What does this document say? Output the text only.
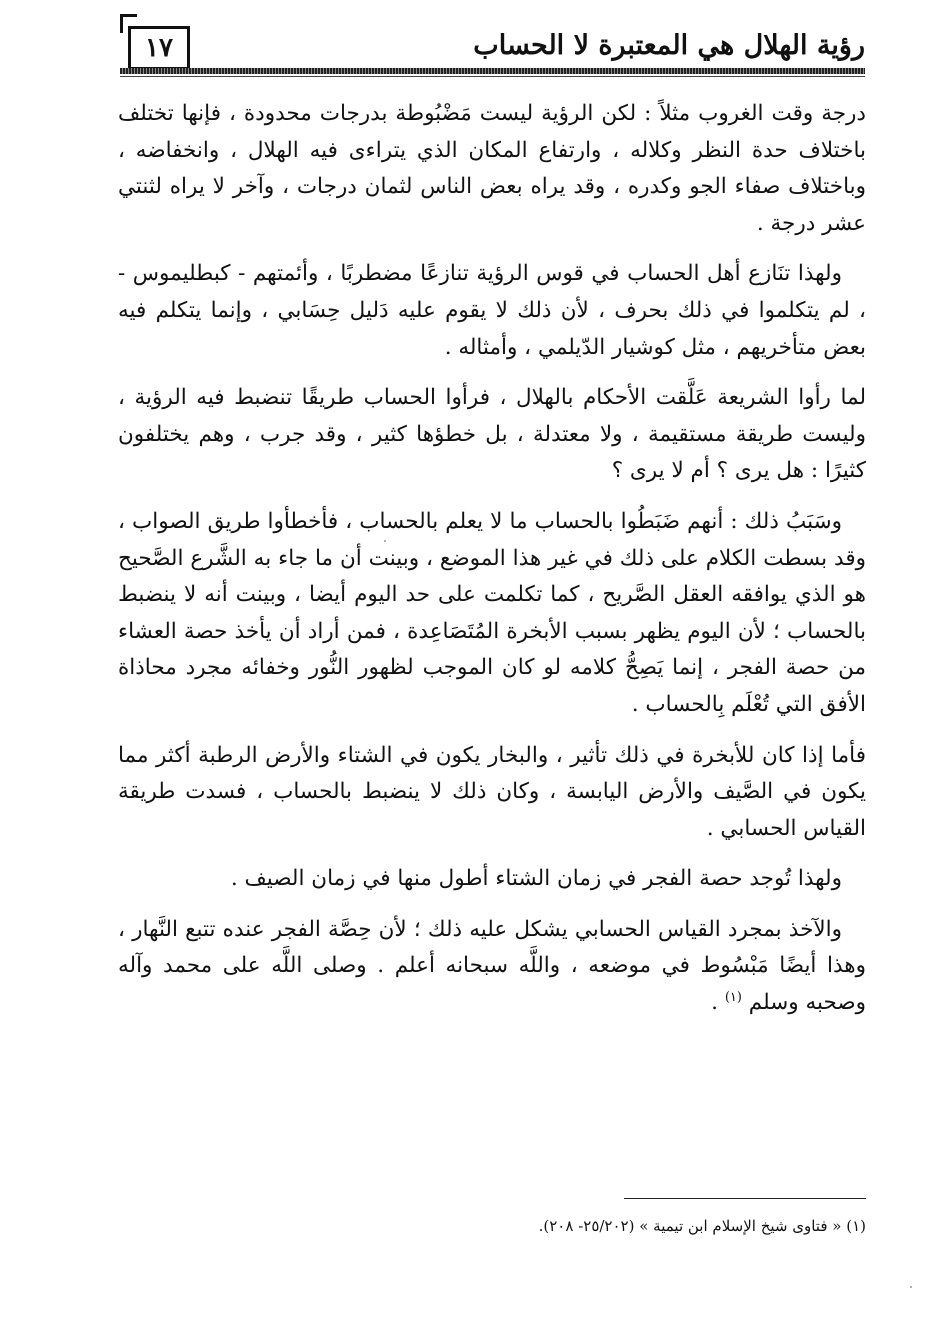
١٧	رؤية الهلال هي المعتبرة لا الحساب

درجة وقت الغروب مثلاً : لكن الرؤية ليست مَضْبُوطة بدرجات محدودة ، فإنها تختلف باختلاف حدة النظر وكلاله ، وارتفاع المكان الذي يتراءى فيه الهلال ، وانخفاضه ، وباختلاف صفاء الجو وكدره ، وقد يراه بعض الناس لثمان درجات ، وآخر لا يراه لثنتي عشر درجة .

ولهذا تنَازع أهل الحساب في قوس الرؤية تنازعًا مضطربًا ، وأئمتهم - كبطليموس - ، لم يتكلموا في ذلك بحرف ، لأن ذلك لا يقوم عليه دَليل حِسَابي ، وإنما يتكلم فيه بعض متأخريهم ، مثل كوشيار الدّيلمي ، وأمثاله .

لما رأوا الشريعة عَلَّقت الأحكام بالهلال ، فرأوا الحساب طريقًا تنضبط فيه الرؤية ، وليست طريقة مستقيمة ، ولا معتدلة ، بل خطؤها كثير ، وقد جرب ، وهم يختلفون كثيرًا : هل يرى ؟ أم لا يرى ؟

وسَبَبُ ذلك : أنهم ضَبَطُوا بالحساب ما لا يعلم بالحساب ، فأخطأوا طريق الصواب ، وقد بسطت الكلام على ذلك في غير هذا الموضع ، وبينت أن ما جاء به الشَّرع الصَّحيح هو الذي يوافقه العقل الصَّريح ، كما تكلمت على حد اليوم أيضا ، وبينت أنه لا ينضبط بالحساب ؛ لأن اليوم يظهر بسبب الأبخرة المُتَصَاعِدة ، فمن أراد أن يأخذ حصة العشاء من حصة الفجر ، إنما يَصِحُّ كلامه لو كان الموجب لظهور النُّور وخفائه مجرد محاذاة الأفق التي تُعْلَم بِالحساب .

فأما إذا كان للأبخرة في ذلك تأثير ، والبخار يكون في الشتاء والأرض الرطبة أكثر مما يكون في الصَّيف والأرض اليابسة ، وكان ذلك لا ينضبط بالحساب ، فسدت طريقة القياس الحسابي .

ولهذا تُوجد حصة الفجر في زمان الشتاء أطول منها في زمان الصيف .

والآخذ بمجرد القياس الحسابي يشكل عليه ذلك ؛ لأن حِصَّة الفجر عنده تتبع النَّهار ، وهذا أيضًا مَبْسُوط في موضعه ، واللَّه سبحانه أعلم . وصلى اللَّه على محمد وآله وصحبه وسلم $^{(١)}$ .

(١) « فتاوى شيخ الإسلام ابن تيمية » (٢٥/٢٠٢- ٢٠٨).
